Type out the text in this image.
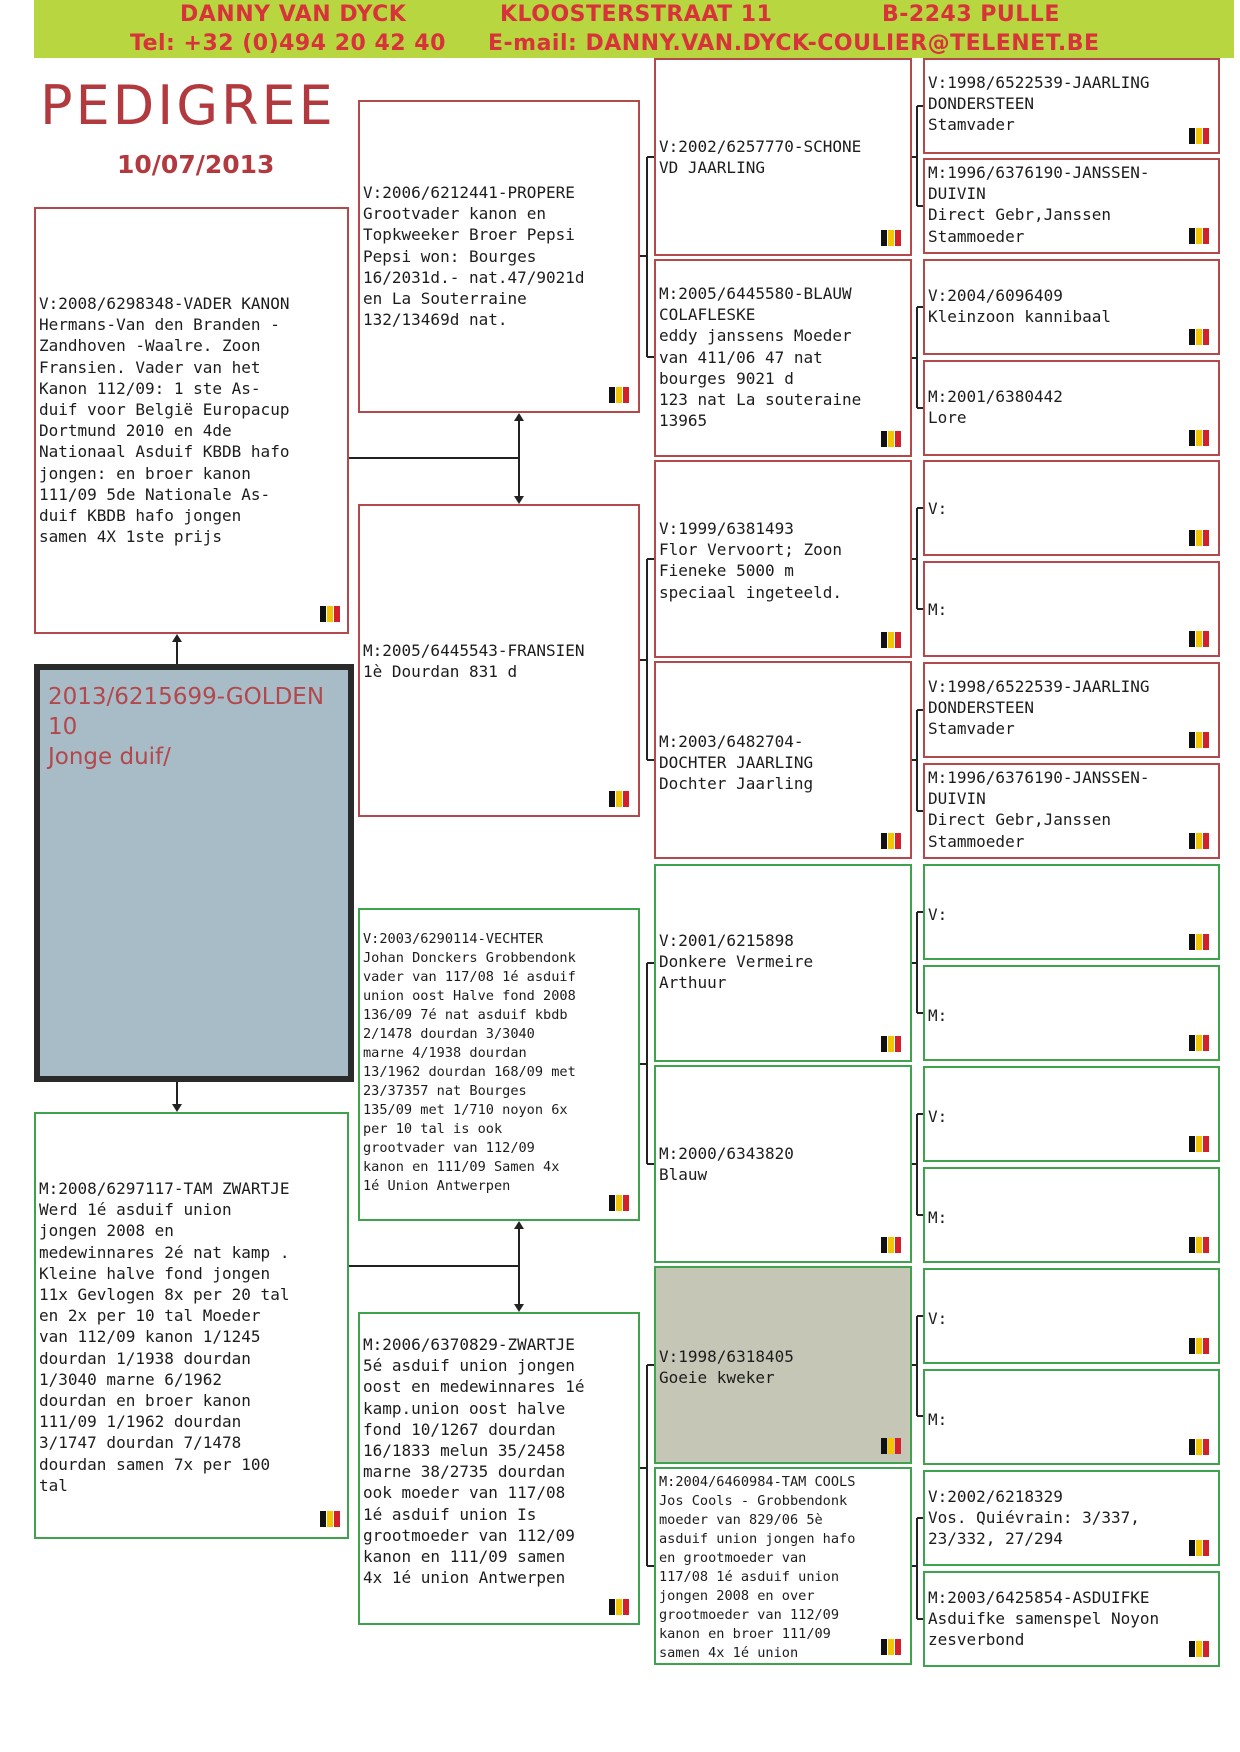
DANNY VAN DYCK	KLOOSTERSTRAAT 11	B-2243 PULLE
Tel: +32 (0)494 20 42 40 E-mail: DANNY.VAN.DYCK-COULIER@TELENET.BE
PEDIGREE
10/07/2013
2013/6215699-GOLDEN
10
Jonge duif/
V:2008/6298348-VADER KANON
Hermans-Van den Branden -
Zandhoven -Waalre. Zoon
Fransien. Vader van het
Kanon 112/09: 1 ste As-
duif voor België Europacup
Dortmund 2010 en 4de
Nationaal Asduif KBDB hafo
jongen: en broer kanon
111/09 5de Nationale As-
duif KBDB hafo jongen
samen 4X 1ste prijs
M:2008/6297117-TAM ZWARTJE
Werd 1é asduif union
jongen 2008 en
medewinnares 2é nat kamp .
Kleine halve fond jongen
11x Gevlogen 8x per 20 tal
en 2x per 10 tal Moeder
van 112/09 kanon 1/1245
dourdan 1/1938 dourdan
1/3040 marne 6/1962
dourdan en broer kanon
111/09 1/1962 dourdan
3/1747 dourdan 7/1478
dourdan samen 7x per 100
tal
V:2006/6212441-PROPERE
Grootvader kanon en
Topkweeker Broer Pepsi
Pepsi won: Bourges
16/2031d.- nat.47/9021d
en La Souterraine
132/13469d nat.
M:2005/6445543-FRANSIEN
1è Dourdan 831 d
V:2003/6290114-VECHTER
Johan Donckers Grobbendonk
vader van 117/08 1é asduif
union oost Halve fond 2008
136/09 7é nat asduif kbdb
2/1478 dourdan 3/3040
marne 4/1938 dourdan
13/1962 dourdan 168/09 met
23/37357 nat Bourges
135/09 met 1/710 noyon 6x
per 10 tal is ook
grootvader van 112/09
kanon en 111/09 Samen 4x
1é Union Antwerpen
M:2006/6370829-ZWARTJE
5é asduif union jongen
oost en medewinnares 1é
kamp.union oost halve
fond 10/1267 dourdan
16/1833 melun 35/2458
marne 38/2735 dourdan
ook moeder van 117/08
1é asduif union Is
grootmoeder van 112/09
kanon en 111/09 samen
4x 1é union Antwerpen
V:2002/6257770-SCHONE
VD JAARLING
M:2005/6445580-BLAUW
COLAFLESKE
eddy janssens Moeder
van 411/06 47 nat
bourges 9021 d
123 nat La souteraine
13965
V:1999/6381493
Flor Vervoort; Zoon
Fieneke 5000 m
speciaal ingeteeld.
M:2003/6482704-
DOCHTER JAARLING
Dochter Jaarling
V:2001/6215898
Donkere Vermeire
Arthuur
M:2000/6343820
Blauw
V:1998/6318405
Goeie kweker
M:2004/6460984-TAM COOLS
Jos Cools - Grobbendonk
moeder van 829/06 5è
asduif union jongen hafo
en grootmoeder van
117/08 1é asduif union
jongen 2008 en over
grootmoeder van 112/09
kanon en broer 111/09
samen 4x 1é union
V:1998/6522539-JAARLING
DONDERSTEEN
Stamvader
M:1996/6376190-JANSSEN-
DUIVIN
Direct Gebr,Janssen
Stammoeder
V:2004/6096409
Kleinzoon kannibaal
M:2001/6380442
Lore
V:
M:
V:1998/6522539-JAARLING
DONDERSTEEN
Stamvader
M:1996/6376190-JANSSEN-
DUIVIN
Direct Gebr,Janssen
Stammoeder
V:
M:
V:
M:
V:
M:
V:2002/6218329
Vos. Quiévrain: 3/337,
23/332, 27/294
M:2003/6425854-ASDUIFKE
Asduifke samenspel Noyon
zesverbond
